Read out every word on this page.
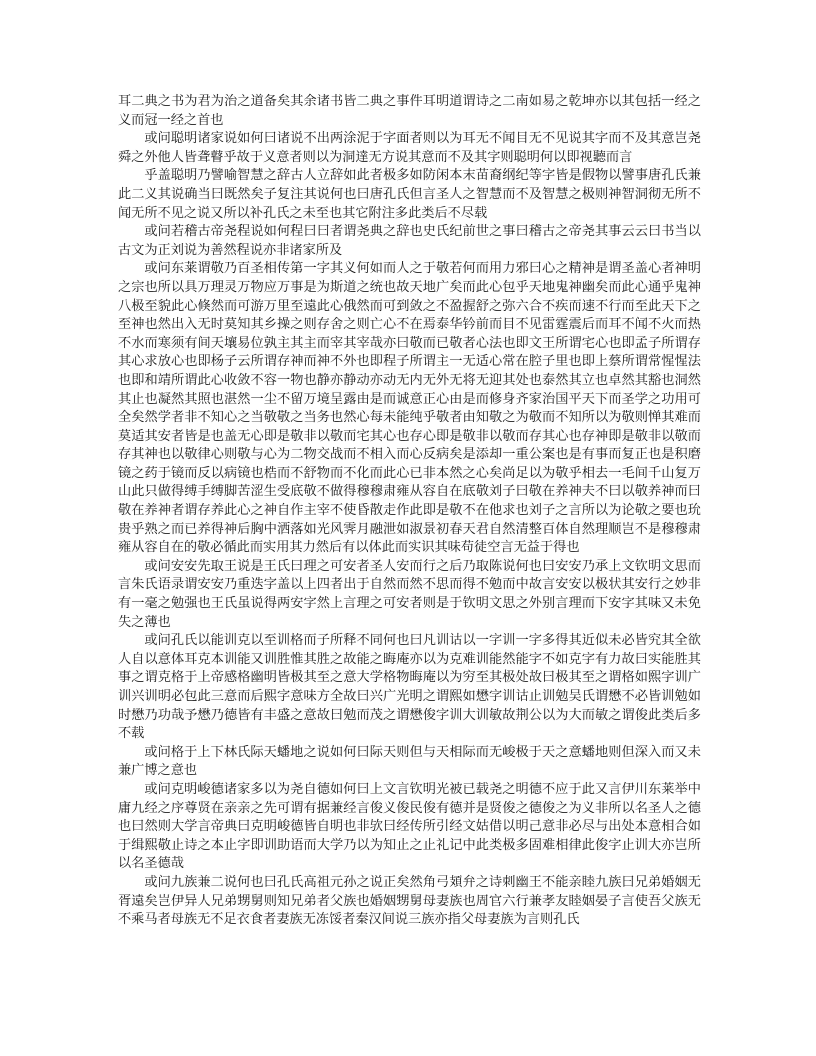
耳二典之书为君为治之道备矣其余诸书皆二典之事件耳明道谓诗之二南如易之乾坤亦以其包括一经之义而冠一经之首也

或问聪明诸家说如何曰诸说不出两涂泥于字面者则以为耳无不闻目无不见说其字而不及其意岂尧舜之外他人皆聋瞽乎故于义意者则以为洞達无方说其意而不及其字则聪明何以即视聽而言

乎盖聪明乃譬喻智慧之辞古人立辞如此者极多如防闲本末苗裔纲纪等字皆是假物以譬事唐孔氏兼此二义其说确当曰既然矣子复注其说何也曰唐孔氏但言圣人之智慧而不及智慧之极则神智洞彻无所不闻无所不见之说又所以补孔氏之未至也其它附注多此类后不尽载

或问若稽古帝尧程说如何程曰曰者谓尧典之辞也史氏纪前世之事曰稽古之帝尧其事云云曰书当以古文为正刘说为善然程说亦非诸家所及

或问东莱谓敬乃百圣相传第一字其义何如而人之于敬若何而用力邪曰心之精神是谓圣盖心者神明之宗也所以具万理灵万物应万事是为斯道之统也故天地广矣而此心包乎天地鬼神幽矣而此心通乎鬼神八极至貌此心倏然而可游万里至遠此心俄然而可到敛之不盈握舒之弥六合不疾而速不行而至此天下之至神也然出入无时莫知其乡操之则存舍之则亡心不在焉泰华钤前而目不见雷霆震后而耳不闻不火而热不水而寒须有间天壤易位孰主其主而宰其宰哉亦曰敬而已敬者心法也即文王所谓宅心也即孟子所谓存其心求放心也即杨子云所谓存神而神不外也即程子所谓主一无适心常在腔子里也即上蔡所谓常惺惺法也即和靖所谓此心收敛不容一物也静亦静动亦动无内无外无将无迎其处也泰然其立也卓然其豁也洞然其止也凝然其照也湛然一尘不留万境呈露由是而诚意正心由是而修身齐家治国平天下而圣学之功用可全矣然学者非不知心之当敬敬之当务也然心每未能纯乎敬者由知敬之为敬而不知所以为敬则惮其难而莫适其安者皆是也盖无心即是敬非以敬而宅其心也存心即是敬非以敬而存其心也存神即是敬非以敬而存其神也以敬律心则敬与心为二物交战而不相入而心反病矣是添却一重公案也是有事而复正也是积磨镜之药于镜而反以病镜也梏而不舒物而不化而此心已非本然之心矣尚足以为敬乎相去一毛间千山复万山此只做得缚手缚脚苦涩生受底敬不做得穆穆肃雍从容自在底敬刘子曰敬在养神夫不曰以敬养神而曰敬在养神者谓存养此心之神自作主宰不使昏散走作此即是敬不在他求也刘子之言所以为论敬之要也玧贵乎熟之而已养得神后胸中洒落如光风霁月融泄如淑景初春天君自然清整百体自然理顺岂不是穆穆肃雍从容自在的敬必循此而实用其力然后有以体此而实识其味苟徒空言无益于得也

或问安安先取王说是王氏曰理之可安者圣人安而行之后乃取陈说何也曰安安乃承上文钦明文思而言朱氏语录谓安安乃重迭字盖以上四者出于自然而然不思而得不勉而中故言安安以极状其安行之妙非有一毫之勉强也王氏虽说得两安字然上言理之可安者则是于钦明文思之外别言理而下安字其味又未免失之薄也

或问孔氏以能训克以至训格而子所释不同何也曰凡训诂以一字训一字多得其近似未必皆究其全欲人自以意体耳克本训能又训胜惟其胜之故能之晦庵亦以为克难训能然能字不如克字有力故曰实能胜其事之谓克格于上帝感格幽明皆极其至之意大学格物晦庵以为穷至其极处故曰极其至之谓格如熙字训广训兴训明必包此三意而后熙字意味方全故曰兴广光明之谓熙如懋字训诂止训勉吴氏谓懋不必皆训勉如时懋乃功哉予懋乃德皆有丰盛之意故曰勉而茂之谓懋俊字训大训敏故荆公以为大而敏之谓俊此类后多不载

或问格于上下林氏际天蟠地之说如何曰际天则但与天相际而无峻极于天之意蟠地则但深入而又未兼广博之意也

或问克明峻德诸家多以为尧自德如何曰上文言钦明光被已载尧之明德不应于此又言伊川东莱举中庸九经之序尊贤在亲亲之先可谓有据兼经言俊义俊民俊有德并是贤俊之德俊之为义非所以名圣人之德也曰然则大学言帝典曰克明峻德皆自明也非欤曰经传所引经文姑借以明己意非必尽与出处本意相合如于缉熙敬止诗之本止字即训助语而大学乃以为知止之止礼记中此类极多固难相律此俊字止训大亦岂所以名圣德哉

或问九族兼二说何也曰孔氏高祖元孙之说正矣然角弓頍弁之诗刺幽王不能亲睦九族曰兄弟婚姻无胥遠矣岂伊异人兄弟甥舅则知兄弟者父族也婚姻甥舅母妻族也周官六行兼孝友睦姻晏子言使吾父族无不乘马者母族无不足衣食者妻族无冻馁者秦汉间说三族亦指父母妻族为言则孔氏
